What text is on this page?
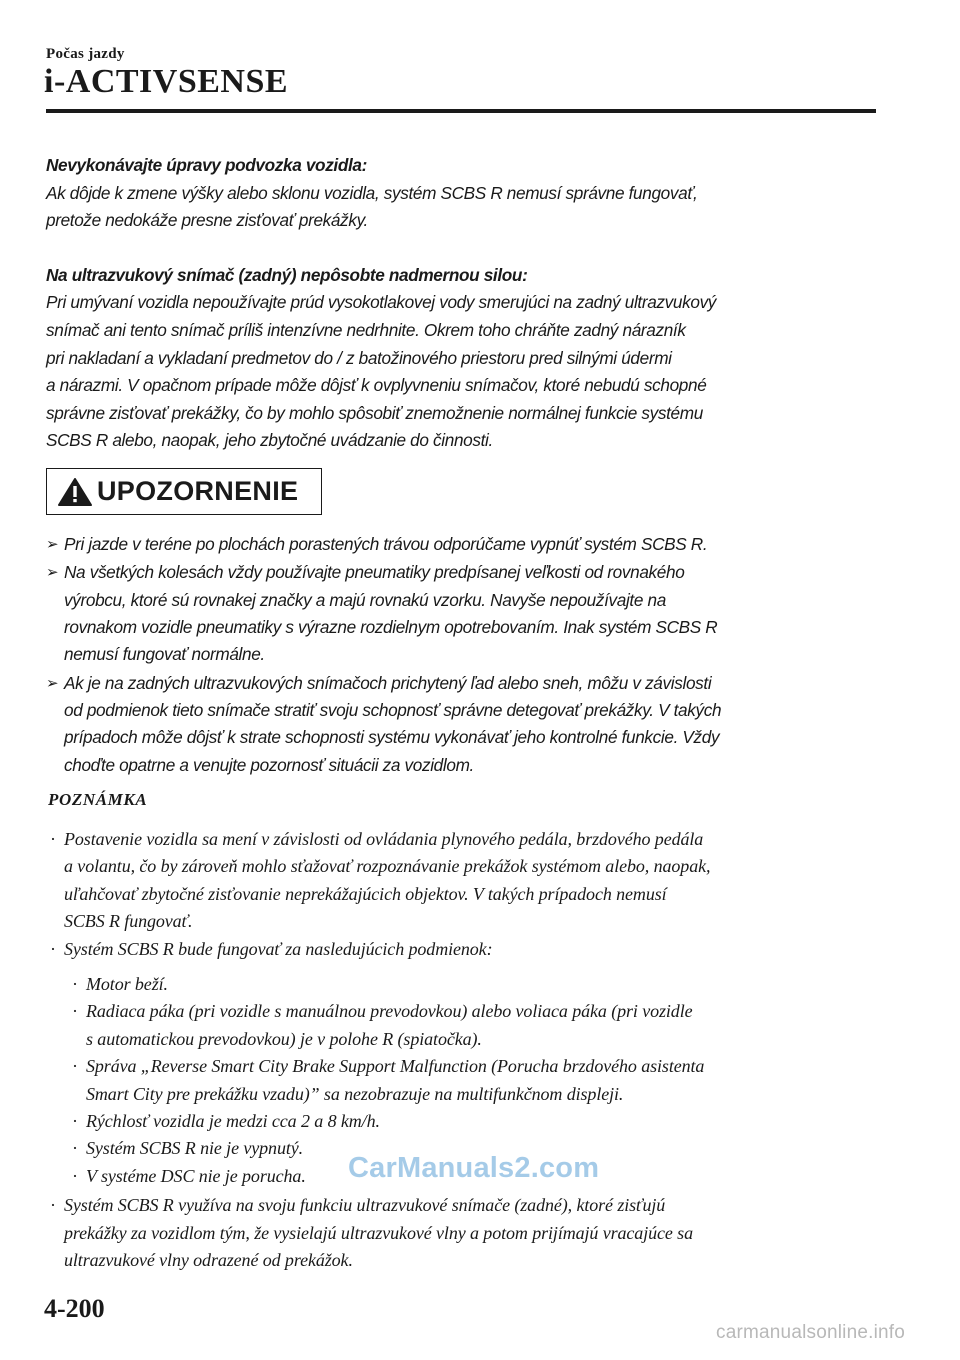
Počas jazdy
i-ACTIVSENSE

Nevykonávajte úpravy podvozka vozidla:

Ak dôjde k zmene výšky alebo sklonu vozidla, systém SCBS R nemusí správne fungovať,

pretože nedokáže presne zisťovať prekážky.

Na ultrazvukový snímač (zadný) nepôsobte nadmernou silou:

Pri umývaní vozidla nepoužívajte prúd vysokotlakovej vody smerujúci na zadný ultrazvukový

snímač ani tento snímač príliš intenzívne nedrhnite. Okrem toho chráňte zadný nárazník

pri nakladaní a vykladaní predmetov do / z batožinového priestoru pred silnými údermi

a nárazmi. V opačnom prípade môže dôjsť k ovplyvneniu snímačov, ktoré nebudú schopné

správne zisťovať prekážky, čo by mohlo spôsobiť znemožnenie normálnej funkcie systému

SCBS R alebo, naopak, jeho zbytočné uvádzanie do činnosti.

UPOZORNENIE
➢ Pri jazde v teréne po plochách porastených trávou odporúčame vypnúť systém SCBS R.
➢ Na všetkých kolesách vždy používajte pneumatiky predpísanej veľkosti od rovnakého
výrobcu, ktoré sú rovnakej značky a majú rovnakú vzorku. Navyše nepoužívajte na
rovnakom vozidle pneumatiky s výrazne rozdielnym opotrebovaním. Inak systém SCBS R
nemusí fungovať normálne.
➢ Ak je na zadných ultrazvukových snímačoch prichytený ľad alebo sneh, môžu v závislosti
od podmienok tieto snímače stratiť svoju schopnosť správne detegovať prekážky. V takých
prípadoch môže dôjsť k strate schopnosti systému vykonávať jeho kontrolné funkcie. Vždy
choďte opatrne a venujte pozornosť situácii za vozidlom.
POZNÁMKA
· Postavenie vozidla sa mení v závislosti od ovládania plynového pedála, brzdového pedála
a volantu, čo by zároveň mohlo sťažovať rozpoznávanie prekážok systémom alebo, naopak,
uľahčovať zbytočné zisťovanie neprekážajúcich objektov. V takých prípadoch nemusí
SCBS R fungovať.
· Systém SCBS R bude fungovať za nasledujúcich podmienok:
· Motor beží.
· Radiaca páka (pri vozidle s manuálnou prevodovkou) alebo voliaca páka (pri vozidle
s automatickou prevodovkou) je v polohe R (spiatočka).
· Správa „Reverse Smart City Brake Support Malfunction (Porucha brzdového asistenta
Smart City pre prekážku vzadu)” sa nezobrazuje na multifunkčnom displeji.
· Rýchlosť vozidla je medzi cca 2 a 8 km/h.
· Systém SCBS R nie je vypnutý.
· V systéme DSC nie je porucha.
· Systém SCBS R využíva na svoju funkciu ultrazvukové snímače (zadné), ktoré zisťujú
prekážky za vozidlom tým, že vysielajú ultrazvukové vlny a potom prijímajú vracajúce sa
ultrazvukové vlny odrazené od prekážok.
CarManuals2.com
4-200
carmanualsonline.info
